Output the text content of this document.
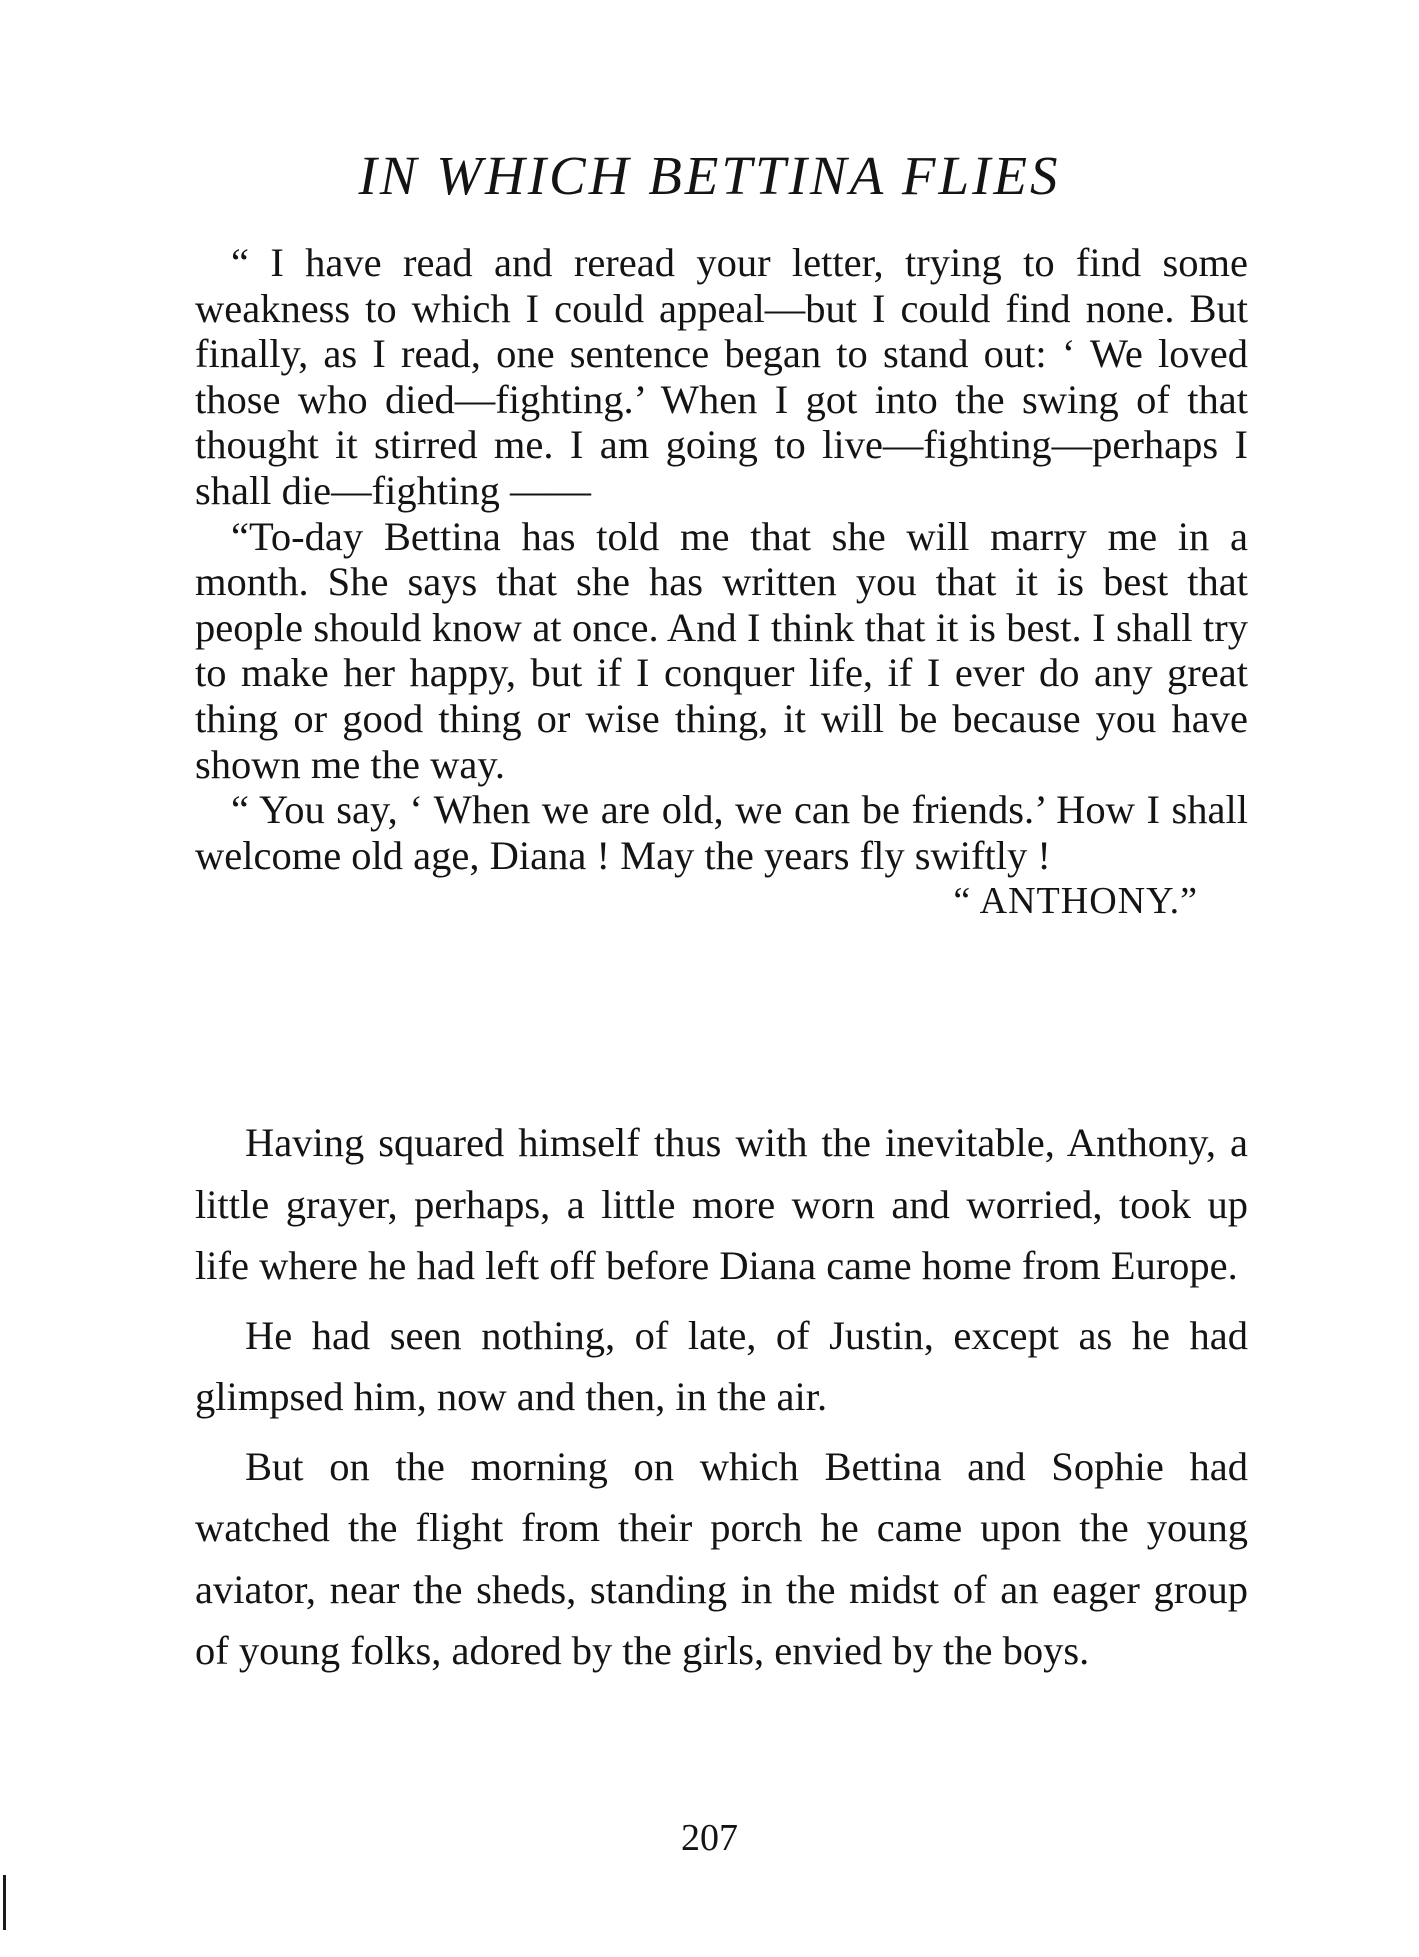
IN WHICH BETTINA FLIES

“ I have read and reread your letter, trying to find some weakness to which I could appeal—but I could find none. But finally, as I read, one sentence began to stand out: ‘ We loved those who died—fighting.’ When I got into the swing of that thought it stirred me. I am going to live—fighting—perhaps I shall die—fighting ——

“To-day Bettina has told me that she will marry me in a month. She says that she has written you that it is best that people should know at once. And I think that it is best. I shall try to make her happy, but if I conquer life, if I ever do any great thing or good thing or wise thing, it will be because you have shown me the way.

“ You say, ‘ When we are old, we can be friends.’ How I shall welcome old age, Diana ! May the years fly swiftly !

“ ANTHONY.”

Having squared himself thus with the inevitable, Anthony, a little grayer, perhaps, a little more worn and worried, took up life where he had left off before Diana came home from Europe.

He had seen nothing, of late, of Justin, except as he had glimpsed him, now and then, in the air.

But on the morning on which Bettina and Sophie had watched the flight from their porch he came upon the young aviator, near the sheds, standing in the midst of an eager group of young folks, adored by the girls, envied by the boys.

207
